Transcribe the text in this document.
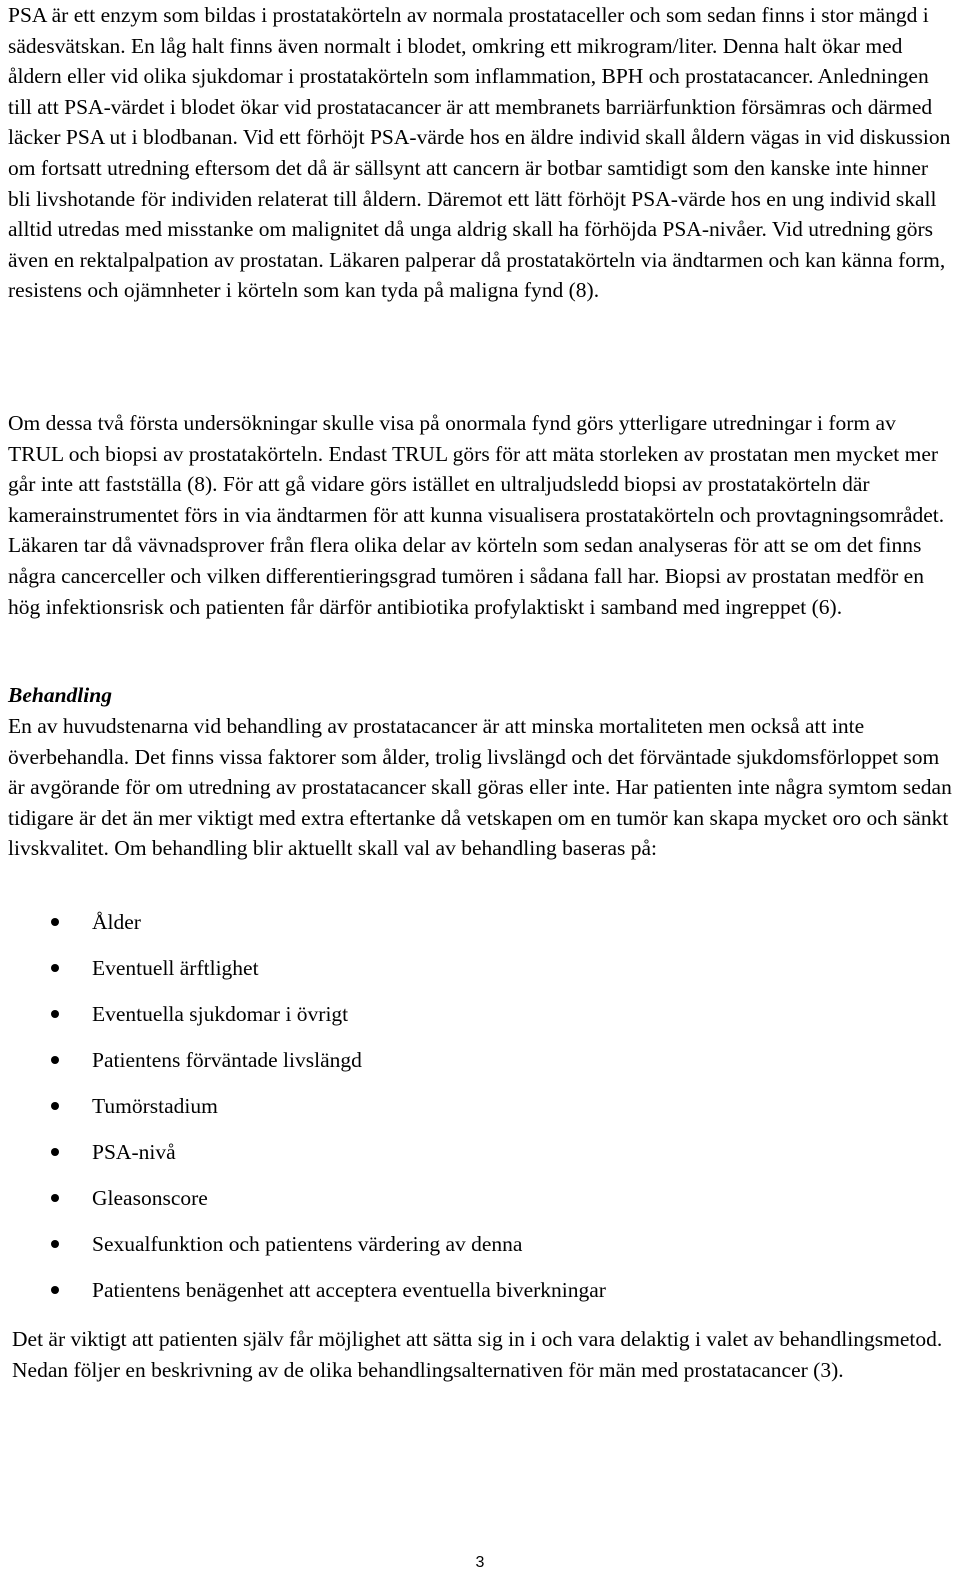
PSA är ett enzym som bildas i prostatakörteln av normala prostataceller och som sedan finns i stor mängd i sädesvätskan. En låg halt finns även normalt i blodet, omkring ett mikrogram/liter. Denna halt ökar med åldern eller vid olika sjukdomar i prostatakörteln som inflammation, BPH och prostatacancer. Anledningen till att PSA-värdet i blodet ökar vid prostatacancer är att membranets barriärfunktion försämras och därmed läcker PSA ut i blodbanan. Vid ett förhöjt PSA-värde hos en äldre individ skall åldern vägas in vid diskussion om fortsatt utredning eftersom det då är sällsynt att cancern är botbar samtidigt som den kanske inte hinner bli livshotande för individen relaterat till åldern. Däremot ett lätt förhöjt PSA-värde hos en ung individ skall alltid utredas med misstanke om malignitet då unga aldrig skall ha förhöjda PSA-nivåer. Vid utredning görs även en rektalpalpation av prostatan. Läkaren palperar då prostatakörteln via ändtarmen och kan känna form, resistens och ojämnheter i körteln som kan tyda på maligna fynd (8).

Om dessa två första undersökningar skulle visa på onormala fynd görs ytterligare utredningar i form av TRUL och biopsi av prostatakörteln. Endast TRUL görs för att mäta storleken av prostatan men mycket mer går inte att fastställa (8). För att gå vidare görs istället en ultraljudsledd biopsi av prostatakörteln där kamerainstrumentet förs in via ändtarmen för att kunna visualisera prostatakörteln och provtagningsområdet. Läkaren tar då vävnadsprover från flera olika delar av körteln som sedan analyseras för att se om det finns några cancerceller och vilken differentieringsgrad tumören i sådana fall har. Biopsi av prostatan medför en hög infektionsrisk och patienten får därför antibiotika profylaktiskt i samband med ingreppet (6).

Behandling

En av huvudstenarna vid behandling av prostatacancer är att minska mortaliteten men också att inte överbehandla. Det finns vissa faktorer som ålder, trolig livslängd och det förväntade sjukdomsförloppet som är avgörande för om utredning av prostatacancer skall göras eller inte. Har patienten inte några symtom sedan tidigare är det än mer viktigt med extra eftertanke då vetskapen om en tumör kan skapa mycket oro och sänkt livskvalitet. Om behandling blir aktuellt skall val av behandling baseras på:

Ålder
Eventuell ärftlighet
Eventuella sjukdomar i övrigt
Patientens förväntade livslängd
Tumörstadium
PSA-nivå
Gleasonscore
Sexualfunktion och patientens värdering av denna
Patientens benägenhet att acceptera eventuella biverkningar

Det är viktigt att patienten själv får möjlighet att sätta sig in i och vara delaktig i valet av behandlingsmetod. Nedan följer en beskrivning av de olika behandlingsalternativen för män med prostatacancer (3).

3
